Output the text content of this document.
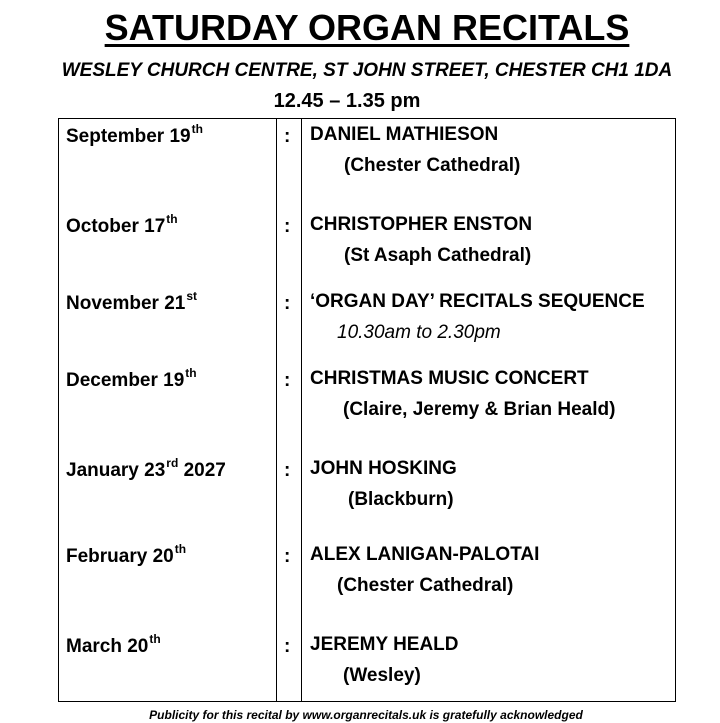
SATURDAY ORGAN RECITALS
WESLEY CHURCH CENTRE, ST JOHN STREET, CHESTER CH1 1DA
12.45 – 1.35 pm
September 19th	: DANIEL MATHIESON
(Chester Cathedral)
October 17th	: CHRISTOPHER ENSTON
(St Asaph Cathedral)
November 21st	: ‘ORGAN DAY’ RECITALS SEQUENCE
10.30am to 2.30pm
December 19th	: CHRISTMAS MUSIC CONCERT
(Claire, Jeremy & Brian Heald)
January 23rd 2027	: JOHN HOSKING
(Blackburn)
February 20th	: ALEX LANIGAN-PALOTAI
(Chester Cathedral)
March 20th	: JEREMY HEALD
(Wesley)
Publicity for this recital by www.organrecitals.uk is gratefully acknowledged
